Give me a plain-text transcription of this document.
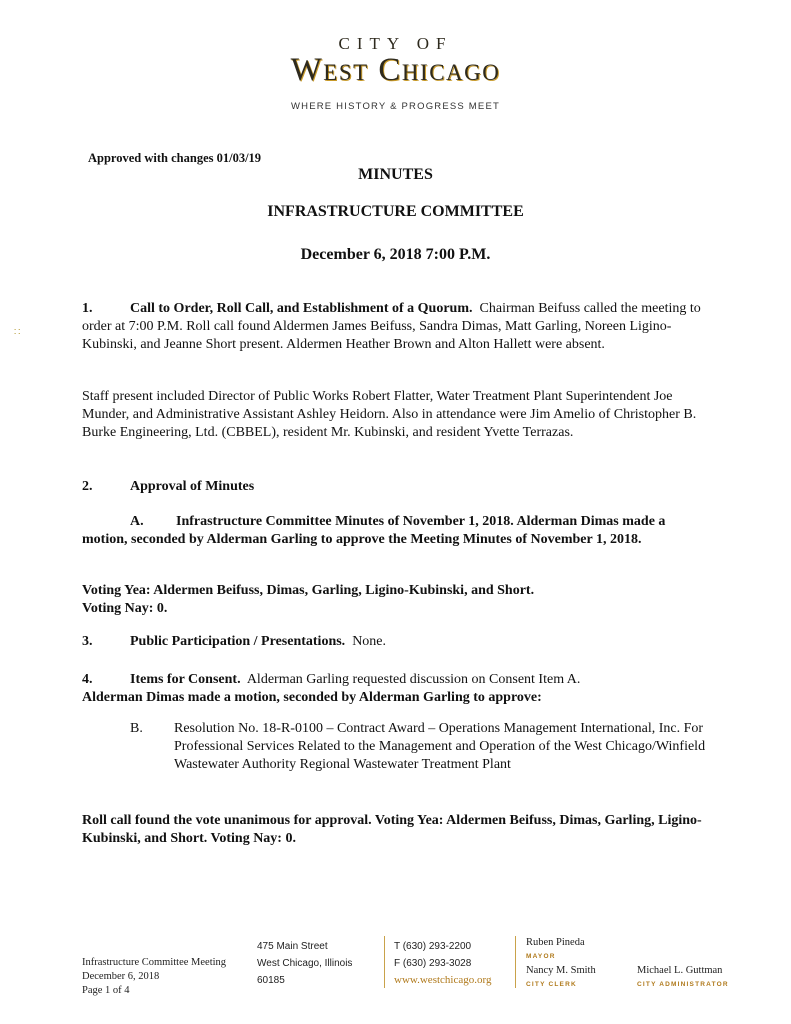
CITY OF
West Chicago
WHERE HISTORY & PROGRESS MEET
∷
Approved with changes 01/03/19
MINUTES
INFRASTRUCTURE COMMITTEE
December 6, 2018 7:00 P.M.
1.	Call to Order, Roll Call, and Establishment of a Quorum. Chairman Beifuss called the meeting to order at 7:00 P.M. Roll call found Aldermen James Beifuss, Sandra Dimas, Matt Garling, Noreen Ligino-Kubinski, and Jeanne Short present. Aldermen Heather Brown and Alton Hallett were absent.
Staff present included Director of Public Works Robert Flatter, Water Treatment Plant Superintendent Joe Munder, and Administrative Assistant Ashley Heidorn. Also in attendance were Jim Amelio of Christopher B. Burke Engineering, Ltd. (CBBEL), resident Mr. Kubinski, and resident Yvette Terrazas.
2.	Approval of Minutes
A. Infrastructure Committee Minutes of November 1, 2018. Alderman Dimas made a motion, seconded by Alderman Garling to approve the Meeting Minutes of November 1, 2018.
Voting Yea: Aldermen Beifuss, Dimas, Garling, Ligino-Kubinski, and Short.
Voting Nay: 0.
3.	Public Participation / Presentations. None.
4.	Items for Consent. Alderman Garling requested discussion on Consent Item A.
Alderman Dimas made a motion, seconded by Alderman Garling to approve:
B. Resolution No. 18-R-0100 – Contract Award – Operations Management International, Inc. For Professional Services Related to the Management and Operation of the West Chicago/Winfield Wastewater Authority Regional Wastewater Treatment Plant
Roll call found the vote unanimous for approval. Voting Yea: Aldermen Beifuss, Dimas, Garling, Ligino-Kubinski, and Short. Voting Nay: 0.
Infrastructure Committee Meeting
December 6, 2018
Page 1 of 4
475 Main Street
West Chicago, Illinois
60185
T (630) 293-2200
F (630) 293-3028
www.westchicago.org
Ruben Pineda
MAYOR
Nancy M. Smith
CITY CLERK
Michael L. Guttman
CITY ADMINISTRATOR
